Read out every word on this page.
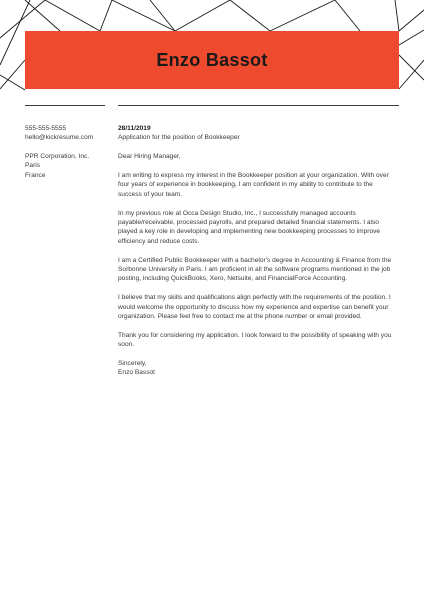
Enzo Bassot
555-555-5555
hello@kickresume.com
PPR Corporation, Inc.
Paris
France
28/11/2019
Application for the position of Bookkeeper

Dear Hiring Manager,

I am writing to express my interest in the Bookkeeper position at your organization. With over four years of experience in bookkeeping, I am confident in my ability to contribute to the success of your team.

In my previous role at Occa Design Studio, Inc., I successfully managed accounts payable/receivable, processed payrolls, and prepared detailed financial statements. I also played a key role in developing and implementing new bookkeeping processes to improve efficiency and reduce costs.

I am a Certified Public Bookkeeper with a bachelor's degree in Accounting & Finance from the Sorbonne University in Paris. I am proficient in all the software programs mentioned in the job posting, including QuickBooks, Xero, Netsuite, and FinancialForce Accounting.

I believe that my skills and qualifications align perfectly with the requirements of the position. I would welcome the opportunity to discuss how my experience and expertise can benefit your organization. Please feel free to contact me at the phone number or email provided.

Thank you for considering my application. I look forward to the possibility of speaking with you soon.

Sincerely,
Enzo Bassot
